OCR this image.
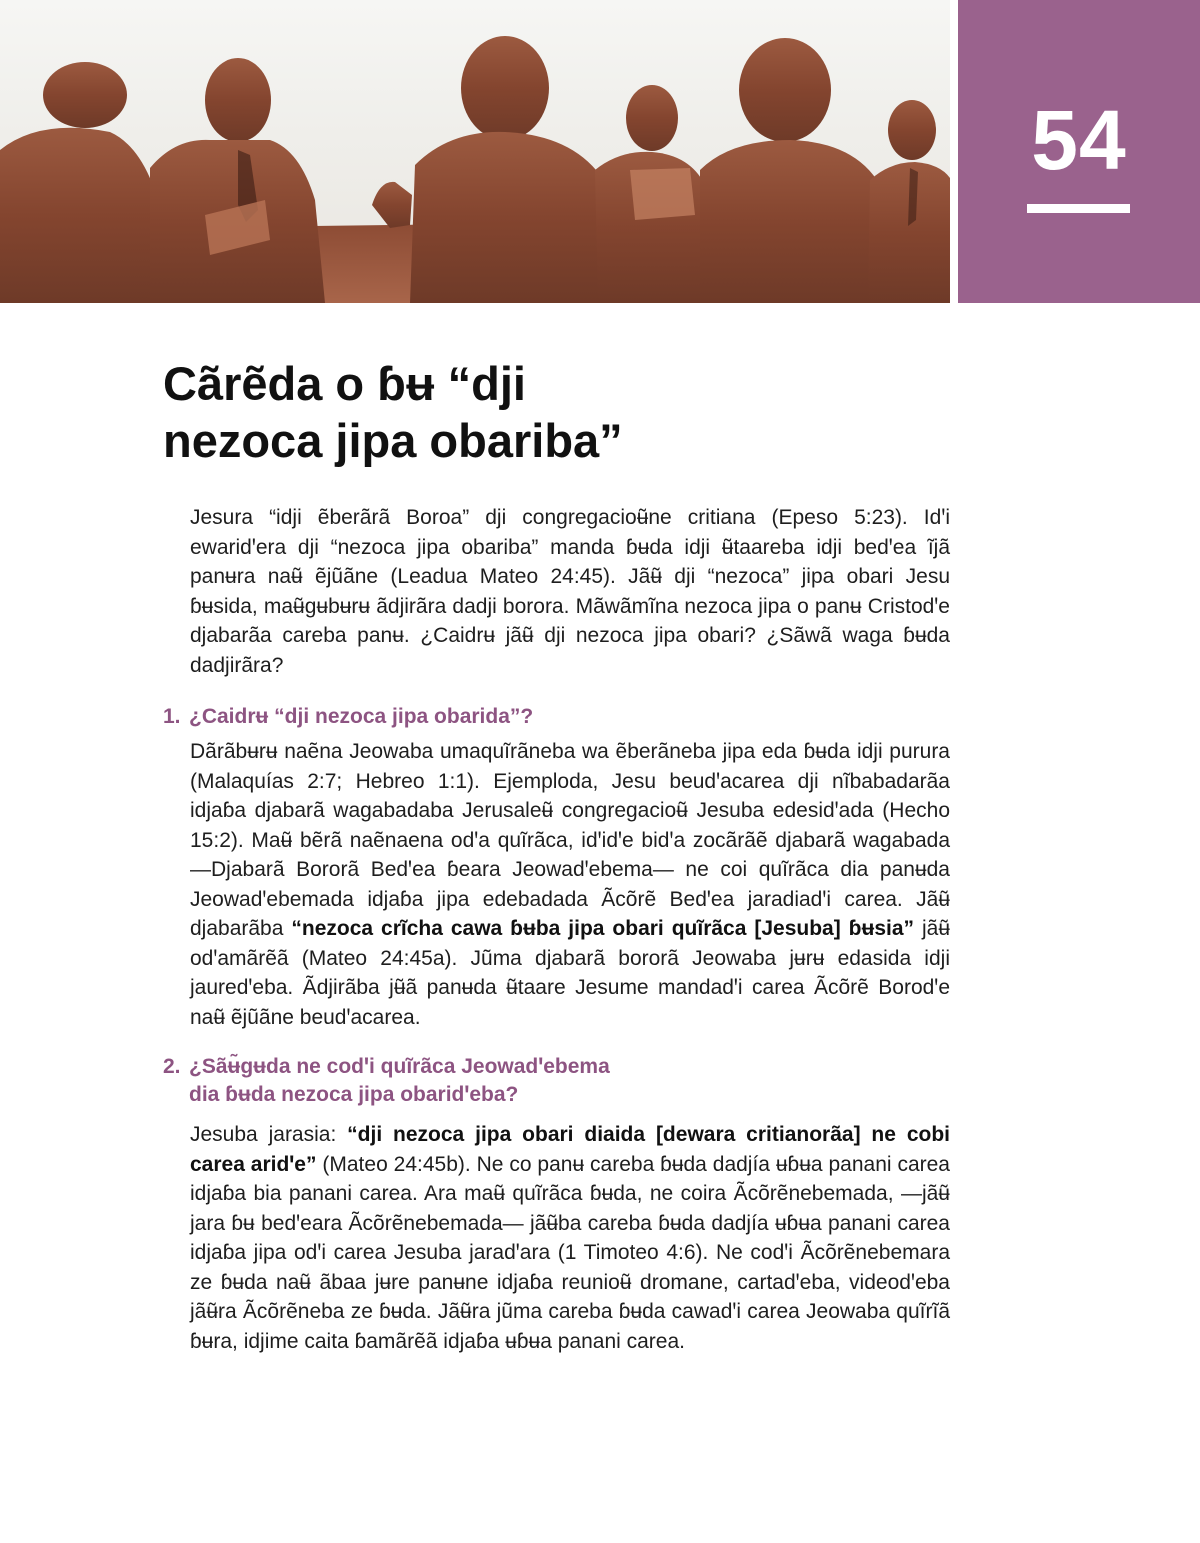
54
Cãrẽda o ɓʉ “dji
nezoca jipa obariba”

Jesura “idji ẽberãrã Boroa” dji congregacioʉ̃ne critiana (Epeso 5:23). Idꞌi ewaridꞌera dji “nezoca jipa obariba” manda ɓʉda idji ʉ̃taareba idji bedꞌea ĩjã panʉra naʉ̃ ẽjũãne (Leadua Mateo 24:45). Jãʉ̃ dji “nezoca” jipa obari Jesu ɓʉsida, maʉ̃gʉbʉrʉ ãdjirãra dadji borora. Mãwãmĩna nezoca jipa o panʉ Cristodꞌe djabarãa careba panʉ. ¿Caidrʉ jãʉ̃ dji nezoca jipa obari? ¿Sãwã waga ɓʉda dadjirãra?

1. ¿Caidrʉ “dji nezoca jipa obarida”?

Dãrãbʉrʉ naẽna Jeowaba umaquĩrãneba wa ẽberãneba jipa eda ɓʉda idji purura (Malaquías 2:7; Hebreo 1:1). Ejemploda, Jesu beudꞌacarea dji nĩbabadarãa idjaɓa djabarã wagabadaba Jerusaleʉ̃ congregacioʉ̃ Jesuba edesidꞌada (Hecho 15:2). Maʉ̃ bẽrã naẽnaena odꞌa quĩrãca, idꞌidꞌe bidꞌa zocãrãẽ djabarã wagabada —Djabarã Bororã Bedꞌea ɓeara Jeowadꞌebema— ne coi quĩrãca dia panʉda Jeowadꞌebemada idjaɓa jipa edebadada Ãcõrẽ Bedꞌea jaradiadꞌi carea. Jãʉ̃ djabarãba “nezoca crĩcha cawa ɓʉba jipa obari quĩrãca [Jesuba] ɓʉsia” jãʉ̃ odꞌamãrẽã (Mateo 24:45a). Jũma djabarã bororã Jeowaba jʉrʉ edasida idji jauredꞌeba. Ãdjirãba jʉ̃ã panʉda ʉ̃taare Jesume mandadꞌi carea Ãcõrẽ Borodꞌe naʉ̃ ẽjũãne beudꞌacarea.

2. ¿Sãʉ̃gʉda ne codꞌi quĩrãca Jeowadꞌebema
dia ɓʉda nezoca jipa obaridꞌeba?

Jesuba jarasia: “dji nezoca jipa obari diaida [dewara critianorãa] ne cobi carea aridꞌe” (Mateo 24:45b). Ne co panʉ careba ɓʉda dadjía ʉɓʉa panani carea idjaɓa bia panani carea. Ara maʉ̃ quĩrãca ɓʉda, ne coira Ãcõrẽnebemada, —jãʉ̃ jara ɓʉ bedꞌeara Ãcõrẽnebemada— jãʉ̃ba careba ɓʉda dadjía ʉɓʉa panani carea idjaɓa jipa odꞌi carea Jesuba jaradꞌara (1 Timoteo 4:6). Ne codꞌi Ãcõrẽnebemara ze ɓʉda naʉ̃ ãbaa jʉre panʉne idjaɓa reunioʉ̃ dromane, cartadꞌeba, videodꞌeba jãʉ̃ra Ãcõrẽneba ze ɓʉda. Jãʉ̃ra jũma careba ɓʉda cawadꞌi carea Jeowaba quĩrĩã ɓʉra, idjime caita ɓamãrẽã idjaɓa ʉɓʉa panani carea.
